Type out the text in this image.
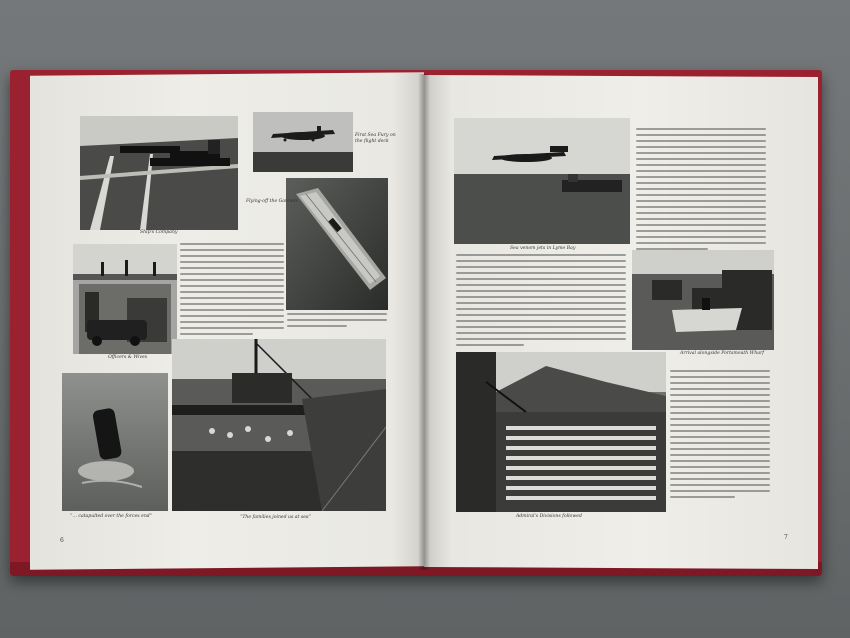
Ship's Company
First Sea Fury on the flight deck
Flying-off the Gannets
Officers & Wives
“… catapulted over the forces end”	“The families joined us at sea”
6
Sea venom jets in Lyme Bay
Arrival alongside Portsmouth Wharf
Admiral's Divisions followed
7
